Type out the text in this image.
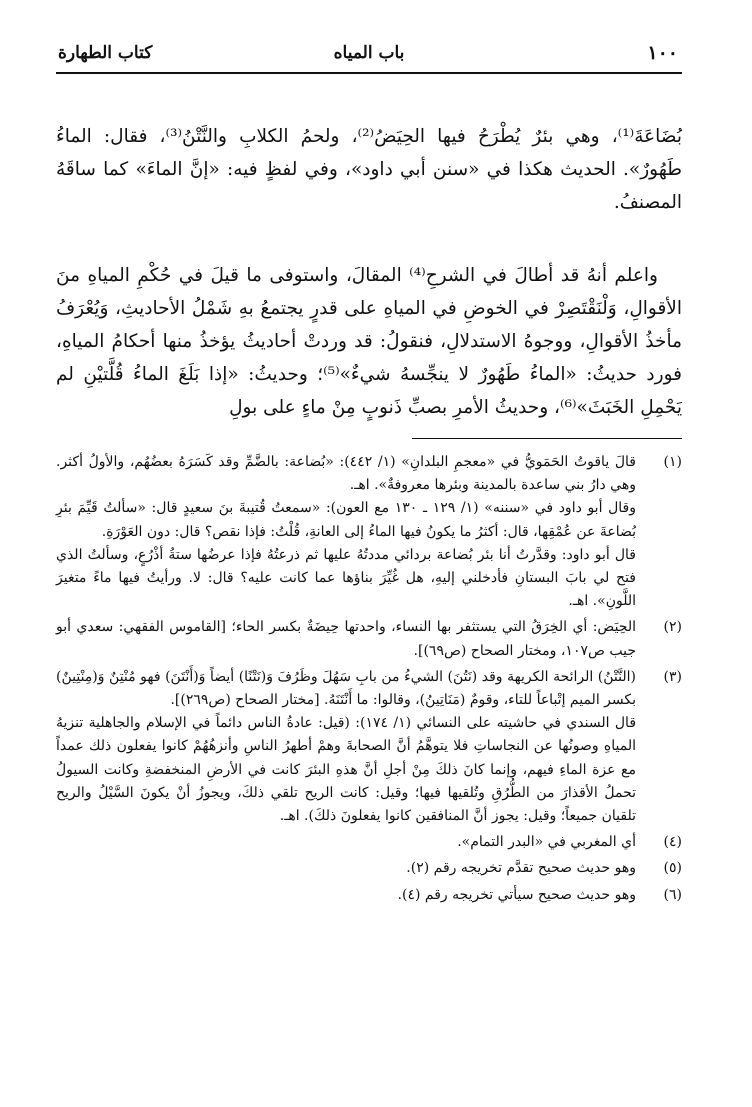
١٠٠
باب المياه
كتاب الطهارة

بُضَاعَةَ⁽¹⁾، وهي بئرٌ يُطْرَحُ فيها الحِيَضُ⁽²⁾، ولحمُ الكلابِ والنَّتْنُ⁽³⁾، فقال: الماءُ طَهُورٌ». الحديث هكذا في «سنن أبي داود»، وفي لفظٍ فيه: «إنَّ الماءَ» كما ساقَهُ المصنفُ.

واعلم أنهُ قد أطالَ في الشرحِ⁽⁴⁾ المقالَ، واستوفى ما قيلَ في حُكْمِ المياهِ منَ الأقوالِ، وَلْنَقْتَصِرْ في الخوضِ في المياهِ على قدرٍ يجتمعُ بهِ شَمْلُ الأحاديثِ، وَيُعْرَفُ مأخذُ الأقوالِ، ووجوهُ الاستدلالِ، فنقولُ: قد وردتْ أحاديثُ يؤخذُ منها أحكامُ المياهِ، فورد حديثُ: «الماءُ طَهُورٌ لا ينجِّسهُ شيءٌ»⁽⁵⁾؛ وحديثُ: «إذا بَلَغَ الماءُ قُلَّتيْنِ لم يَحْمِلِ الخَبَثَ»⁽⁶⁾، وحديثُ الأمرِ بصبِّ ذَنوبٍ مِنْ ماءٍ على بولِ

(١)

قالَ ياقوتُ الحَمَويُّ في «معجمِ البلدانِ» (١/ ٤٤٢): «بُضاعة: بالضَّمِّ وقد كَسَرَهُ بعضُهُم، والأولُ أكثر. وهي دارُ بني ساعدة بالمدينة وبئرها معروفةٌ». اهـ.

وقال أبو داود في «سننه» (١/ ١٢٩ ـ ١٣٠ مع العون): «سمعتُ قُتيبةَ بنَ سعيدٍ قال: «سألتُ قَيِّمَ بئرِ بُضاعةَ عن عُمْقِها، قال: أكثرُ ما يكونُ فيها الماءُ إلى العانةِ، قُلْتُ: فإذا نقص؟ قال: دون العَوْرَةِ.

قال أبو داود: وقدَّرتُ أنا بئر بُضاعة بردائي مددتُهُ عليها ثم ذرعتُهُ فإذا عرضُها ستةُ أذْرُعٍ، وسألتُ الذي فتح لي بابَ البستانِ فأدخلني إليهِ، هل غُيِّرَ بناؤها عما كانت عليه؟ قال: لا. ورأيتُ فيها ماءً متغيرَ اللَّونِ». اهـ.

(٢)

الحِيَض: أي الخِرَقُ التي يستثفر بها النساء، واحدتها حِيضَةٌ بكسر الحاء؛ [القاموس الفقهي: سعدي أبو جيب ص١٠٧، ومختار الصحاح (ص٦٩)].

(٣)

(النَّتْنُ) الرائحة الكريهة وقد (نَتُنَ) الشيءُ من بابِ سَهُلَ وظَرُفَ وَ(نَتْنًا) أيضاً وَ(أَنْتَنَ) فهو مُنْتِنٌ وَ(مِنْتِينٌ) بكسر الميم إتْباعاً للتاء، وقومٌ (مَنَاتِينُ)، وقالوا: ما أَنْتَنَهُ. [مختار الصحاح (ص٢٦٩)].

قال السندي في حاشيته على النسائي (١/ ١٧٤): (قيل: عادةُ الناس دائماً في الإسلام والجاهلية تنزيهُ المياهِ وصونُها عن النجاساتِ فلا يتوهَّمُ أنَّ الصحابةَ وهمْ أطهرُ الناسِ وأنزهُهُمْ كانوا يفعلون ذلك عمداً مع عزة الماءِ فيهم، وإنما كانَ ذلكَ مِنْ أجلِ أنَّ هذهِ البئرَ كانت في الأرضِ المنخفضةِ وكانت السيولُ تحملُ الأقذارَ من الطُّرُقِ وتُلقيها فيها؛ وقيل: كانت الريح تلقي ذلكَ، ويجوزُ أنْ يكونَ السَّيْلُ والريح تلقيان جميعاً؛ وقيل: يجوز أنَّ المنافقين كانوا يفعلونَ ذلكَ). اهـ.

(٤)

أي المغربي في «البدر التمام».

(٥)

وهو حديث صحيح تقدَّم تخريجه رقم (٢).

(٦)

وهو حديث صحيح سيأتي تخريجه رقم (٤).
